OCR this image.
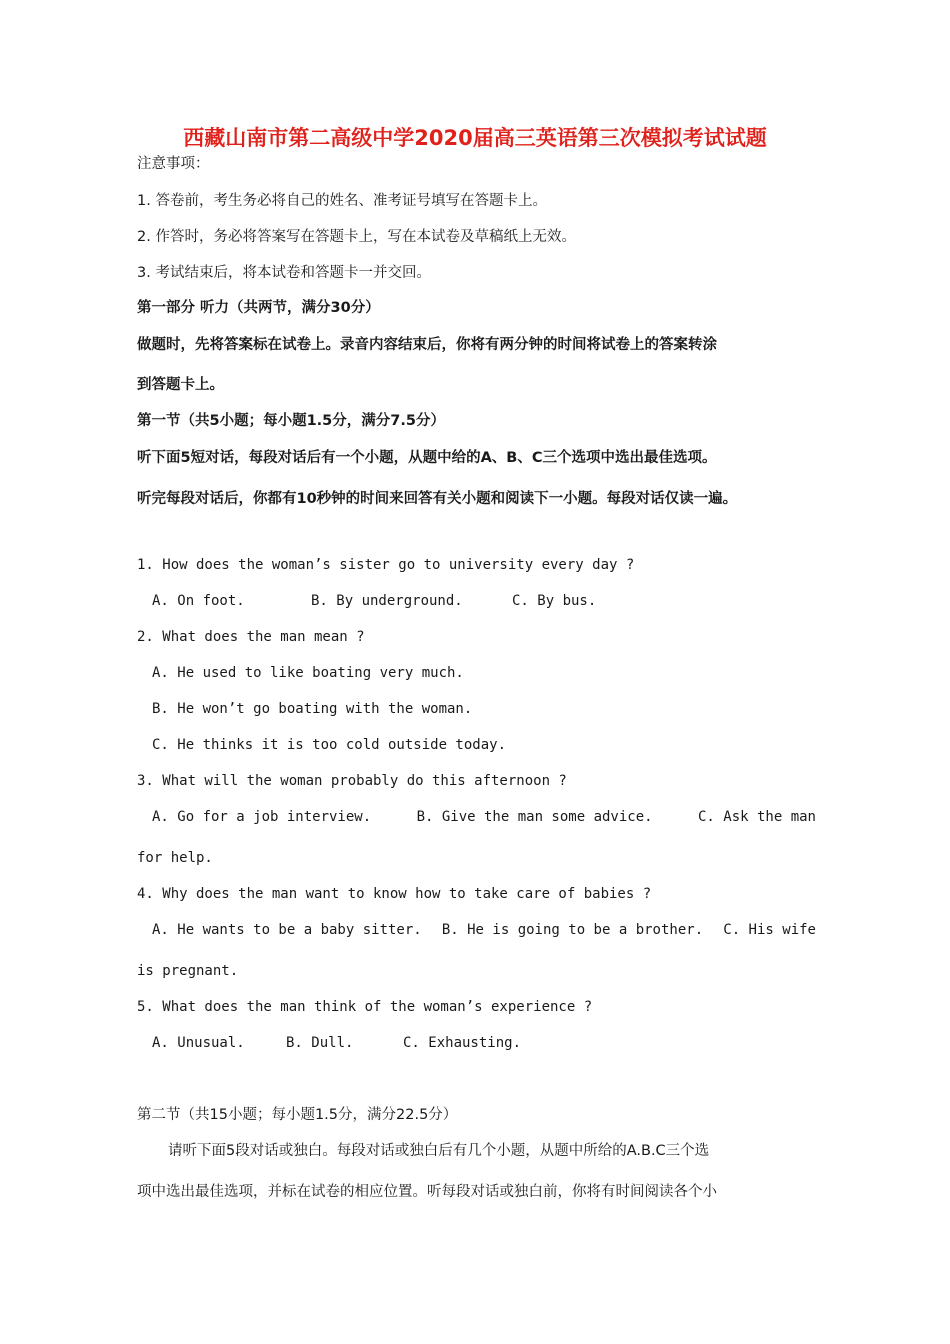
西藏山南市第二高级中学2020届高三英语第三次模拟考试试题
注意事项：
1. 答卷前，考生务必将自己的姓名、准考证号填写在答题卡上。
2. 作答时，务必将答案写在答题卡上，写在本试卷及草稿纸上无效。
3. 考试结束后，将本试卷和答题卡一并交回。
第一部分 听力（共两节，满分30分）
做题时，先将答案标在试卷上。录音内容结束后，你将有两分钟的时间将试卷上的答案转涂
到答题卡上。
第一节（共5小题；每小题1.5分，满分7.5分）
听下面5短对话，每段对话后有一个小题，从题中给的A、B、C三个选项中选出最佳选项。
听完每段对话后，你都有10秒钟的时间来回答有关小题和阅读下一小题。每段对话仅读一遍。
1. How does the woman’s sister go to university every day ?
A. On foot.	B. By underground.	C. By bus.
2. What does the man mean ?
A. He used to like boating very much.
B. He won’t go boating with the woman.
C. He thinks it is too cold outside today.
3. What will the woman probably do this afternoon ?
A. Go for a job interview.	B. Give the man some advice.	C. Ask the man
for help.
4. Why does the man want to know how to take care of babies ?
A. He wants to be a baby sitter. B. He is going to be a brother. C. His wife
is pregnant.
5. What does the man think of the woman’s experience ?
A. Unusual.	B. Dull.	C. Exhausting.
第二节（共15小题；每小题1.5分，满分22.5分）
请听下面5段对话或独白。每段对话或独白后有几个小题，从题中所给的A.B.C三个选
项中选出最佳选项，并标在试卷的相应位置。听每段对话或独白前，你将有时间阅读各个小
